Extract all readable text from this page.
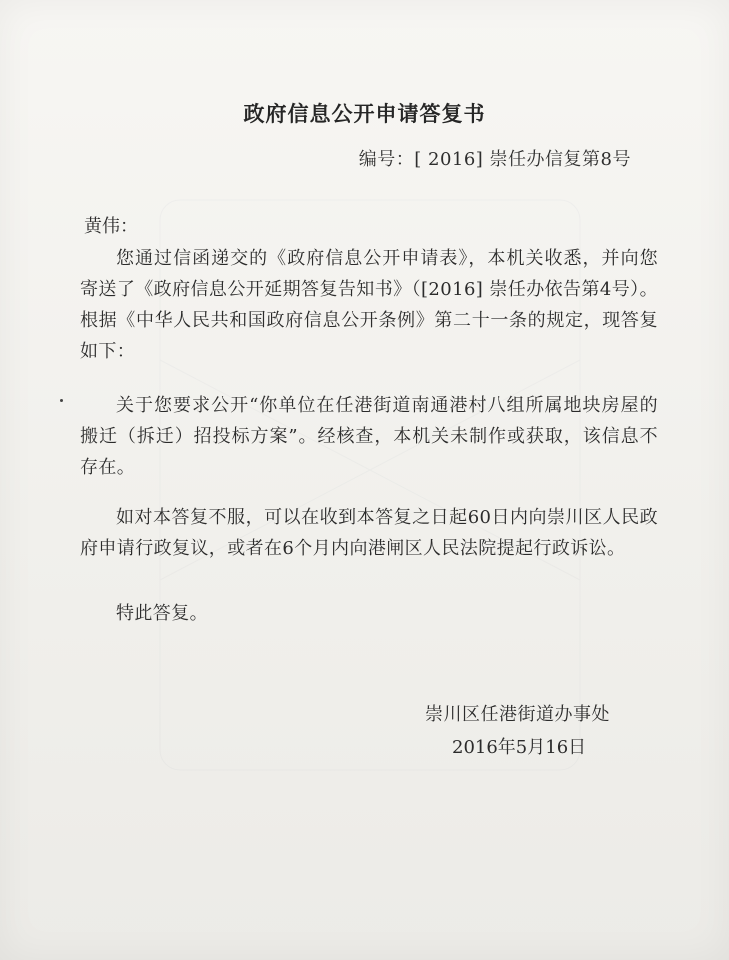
政府信息公开申请答复书
编号：[ 2016] 崇任办信复第8号
黄伟：

您通过信函递交的《政府信息公开申请表》，本机关收悉，并向您寄送了《政府信息公开延期答复告知书》（[2016] 崇任办依告第4号）。根据《中华人民共和国政府信息公开条例》第二十一条的规定，现答复如下：

关于您要求公开“你单位在任港街道南通港村八组所属地块房屋的搬迁（拆迁）招投标方案”。经核查，本机关未制作或获取，该信息不存在。

如对本答复不服，可以在收到本答复之日起60日内向崇川区人民政府申请行政复议，或者在6个月内向港闸区人民法院提起行政诉讼。

特此答复。

崇川区任港街道办事处
2016年5月16日
